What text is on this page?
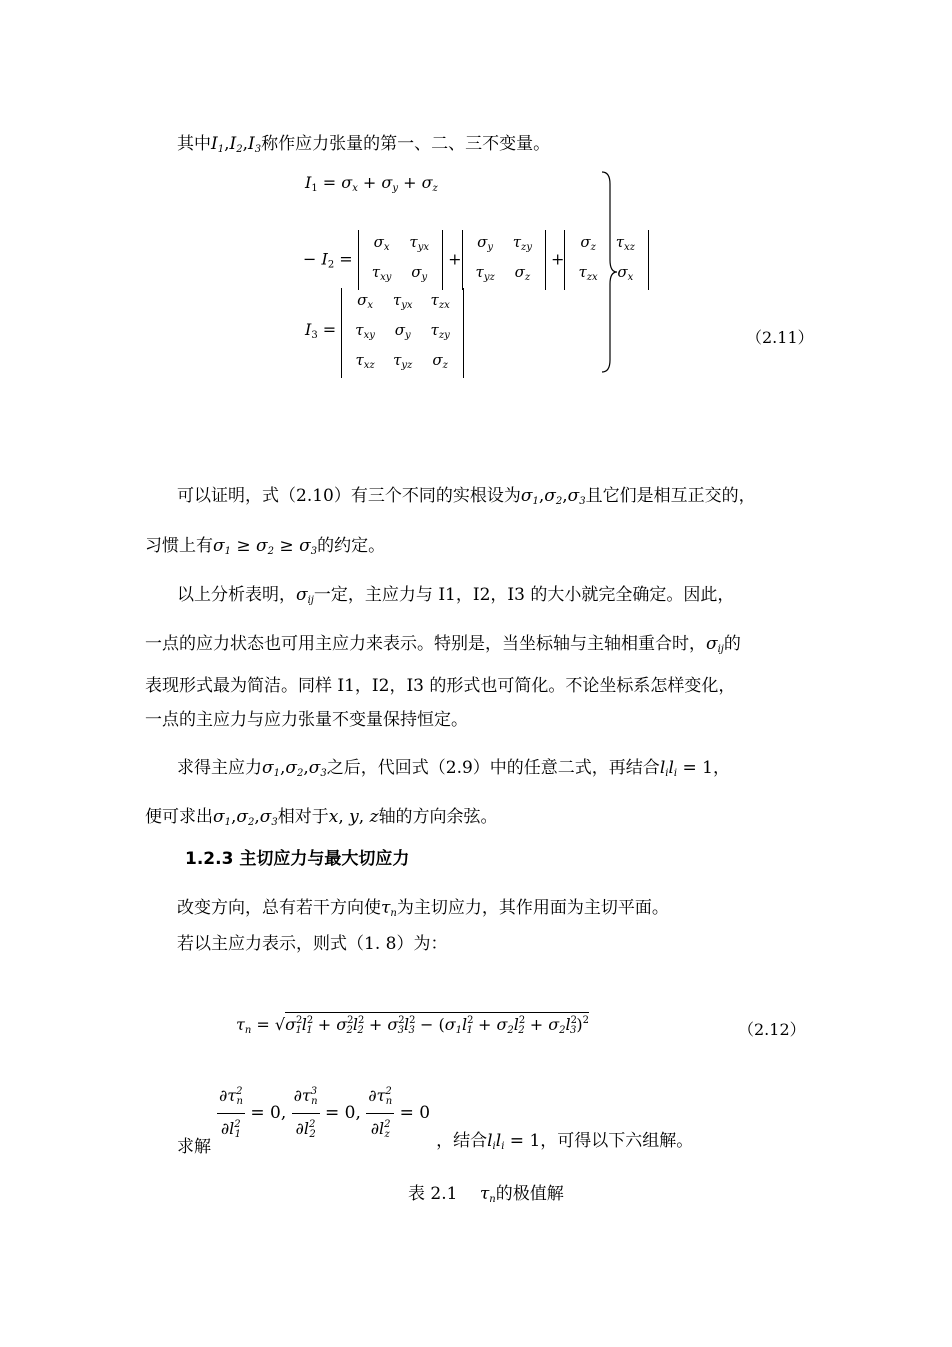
其中$I_1,I_2,I_3$称作应力张量的第一、二、三不变量。
$I_1 = \sigma_x + \sigma_y + \sigma_z$
− $I_2$ =
$\sigma_x$	$\tau_{yx}$
$\tau_{xy}$	$\sigma_y$
+
$\sigma_y$	$\tau_{zy}$
$\tau_{yz}$	$\sigma_z$
+
$\sigma_z$	$\tau_{xz}$
$\tau_{zx}$	$\sigma_x$
$I_3$ =
$\sigma_x$	$\tau_{yx}$	$\tau_{zx}$
$\tau_{xy}$	$\sigma_y$	$\tau_{zy}$
$\tau_{xz}$	$\tau_{yz}$	$\sigma_z$
（2.11）
可以证明，式（2.10）有三个不同的实根设为$\sigma_1,\sigma_2,\sigma_3$且它们是相互正交的，
习惯上有$\sigma_1 \ge \sigma_2 \ge \sigma_3$的约定。
以上分析表明，$\sigma_{ij}$一定，主应力与 I1，I2，I3 的大小就完全确定。因此，
一点的应力状态也可用主应力来表示。特别是，当坐标轴与主轴相重合时，$\sigma_{ij}$的
表现形式最为简洁。同样 I1，I2，I3 的形式也可简化。不论坐标系怎样变化，
一点的主应力与应力张量不变量保持恒定。
求得主应力$\sigma_1,\sigma_2,\sigma_3$之后，代回式（2.9）中的任意二式，再结合$l_il_i = 1$，
便可求出$\sigma_1,\sigma_2,\sigma_3$相对于x, y, z轴的方向余弦。
1.2.3 主切应力与最大切应力
改变方向，总有若干方向使$\tau_n$为主切应力，其作用面为主切平面。
若以主应力表示，则式（1. 8）为：
$\tau_n = √\sigma^2_1l^2_1 + \sigma^2_2l^2_2 + \sigma^2_3l^2_3 - (\sigma_1l^2_1 + \sigma_2l^2_2 + \sigma_2l^2_3)^2$	（2.12）
求解
$\frac{\partial\tau^2_n}{\partial l^2_1} = 0$, $\frac{\partial\tau^3_n}{\partial l^2_2} = 0$, $\frac{\partial\tau^2_n}{\partial l^2_z} = 0$
，结合$l_il_i = 1$，可得以下六组解。
表 2.1　 $\tau_n$的极值解
